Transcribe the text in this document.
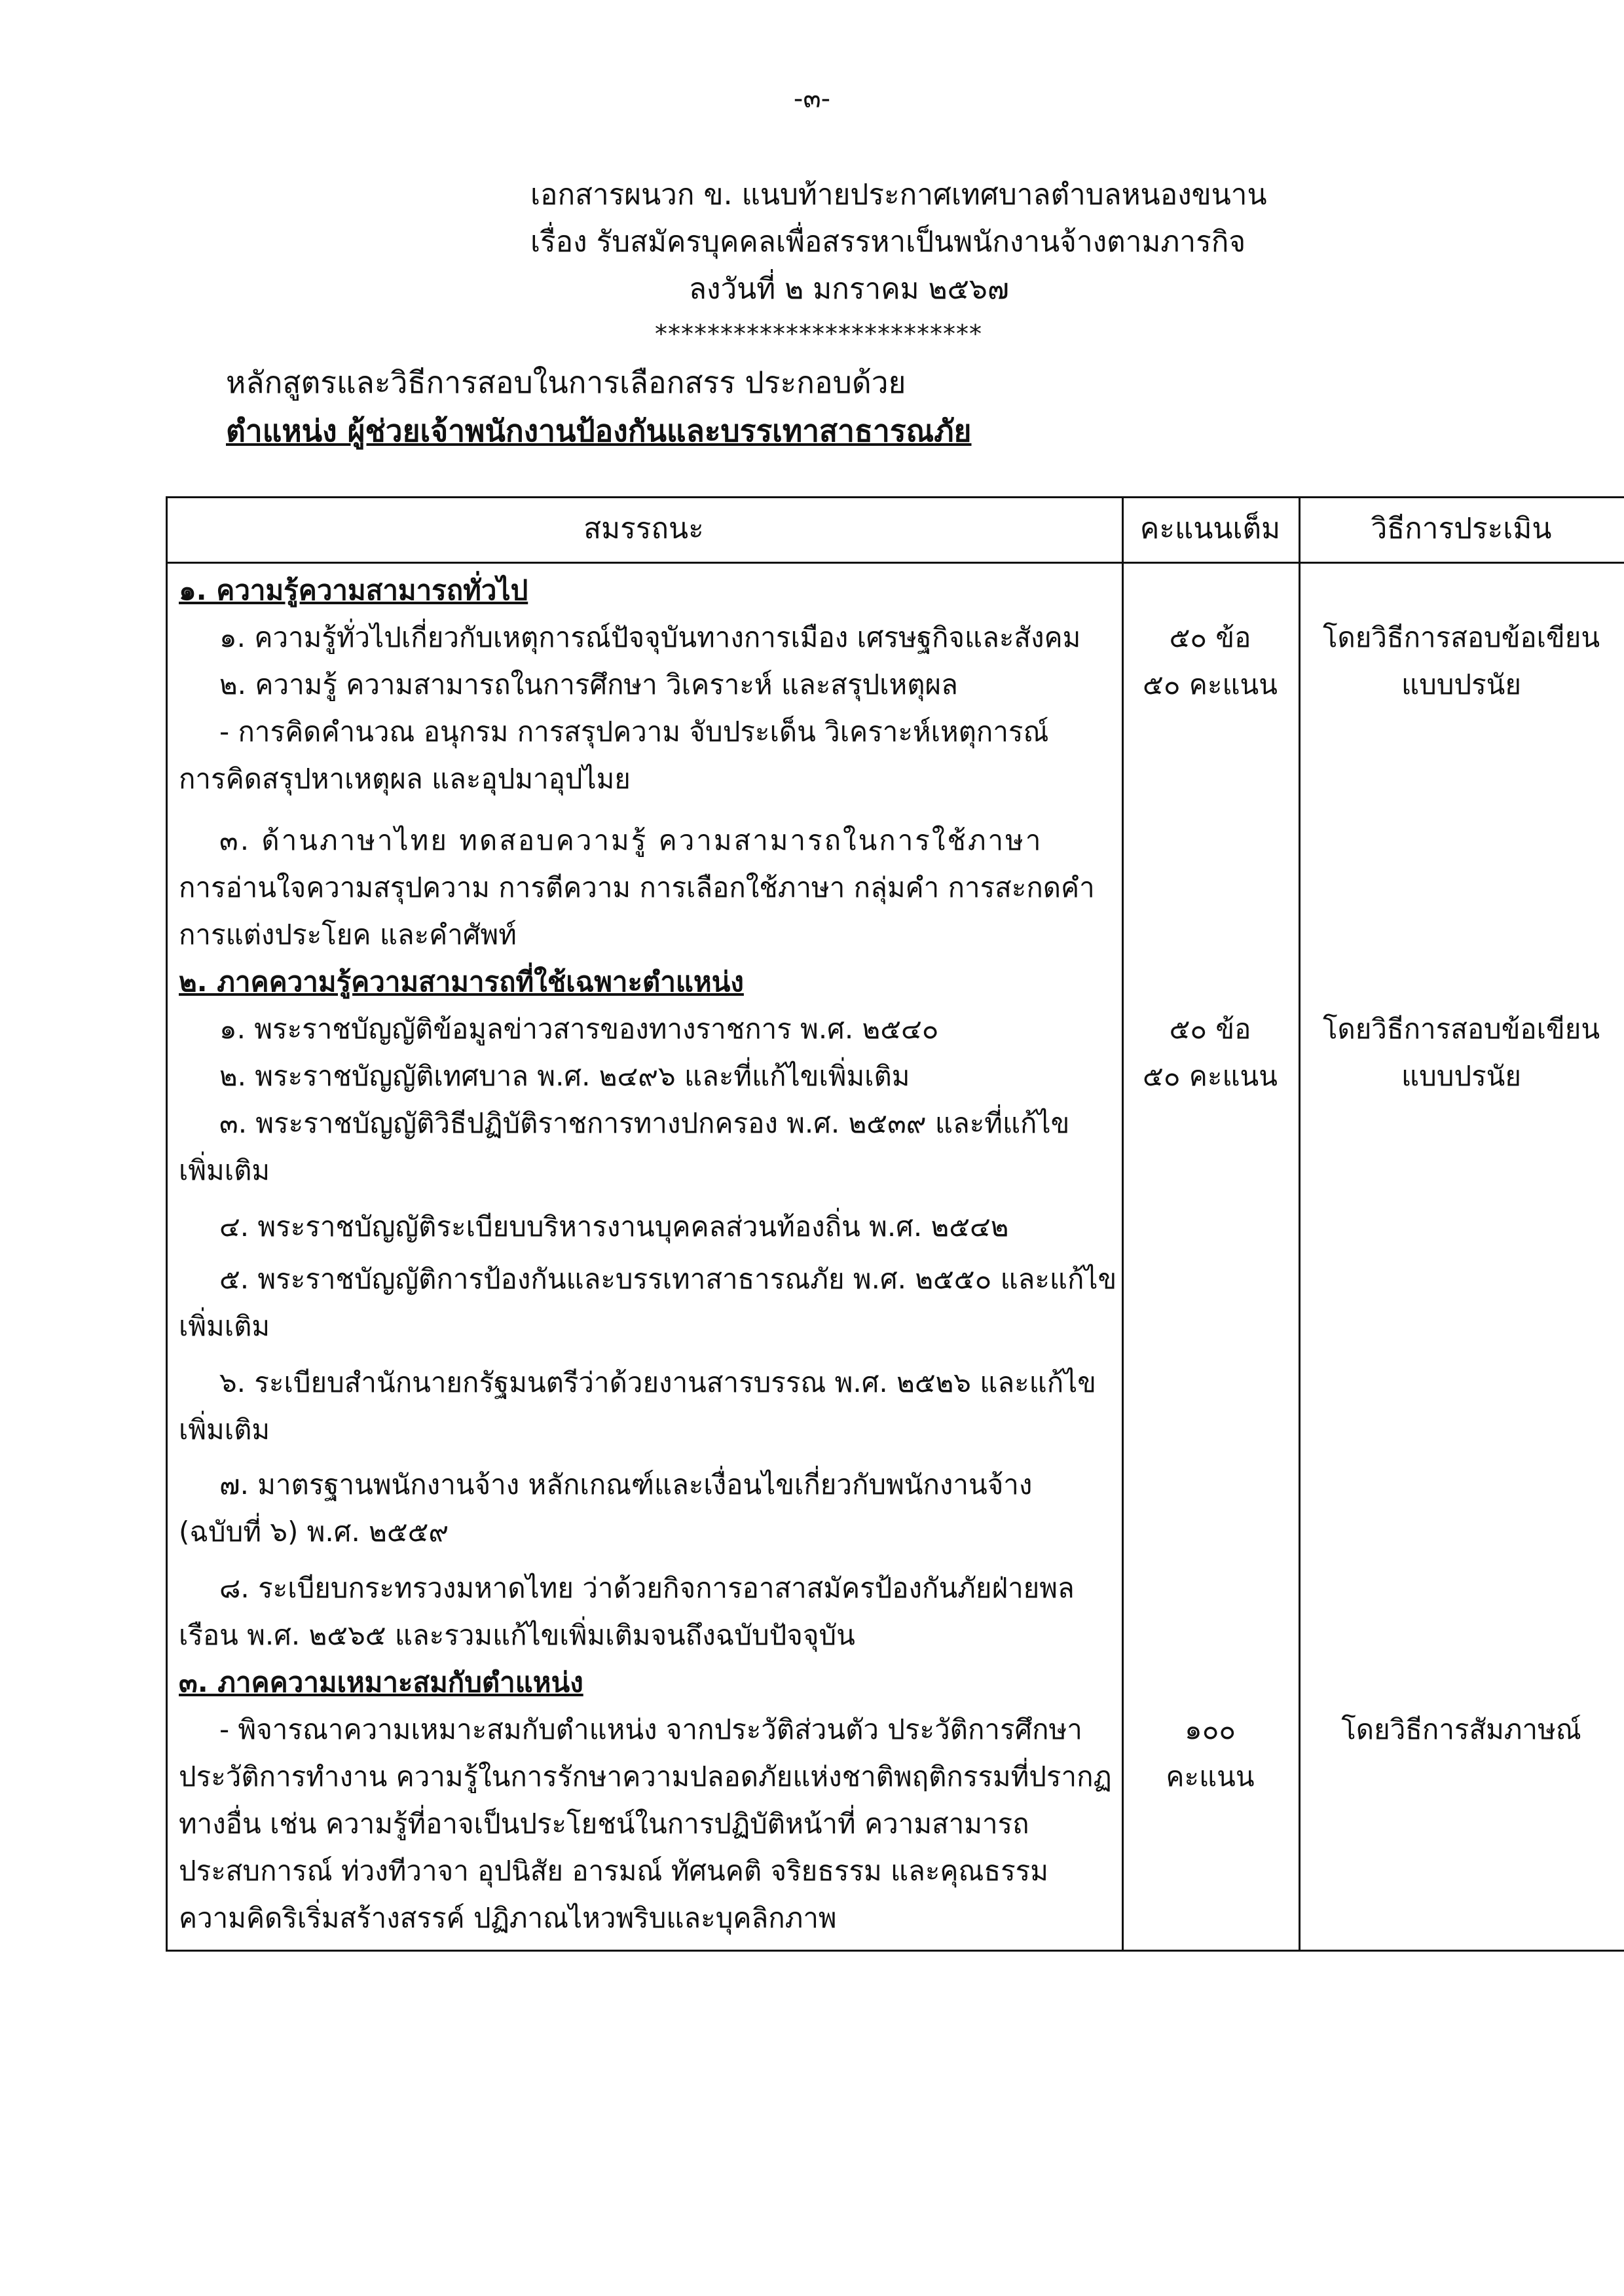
-๓-
เอกสารผนวก ข. แนบท้ายประกาศเทศบาลตำบลหนองขนาน
เรื่อง รับสมัครบุคคลเพื่อสรรหาเป็นพนักงานจ้างตามภารกิจ
ลงวันที่ ๒ มกราคม ๒๕๖๗
*************************
หลักสูตรและวิธีการสอบในการเลือกสรร ประกอบด้วย
ตำแหน่ง ผู้ช่วยเจ้าพนักงานป้องกันและบรรเทาสาธารณภัย
สมรรถนะ	คะแนนเต็ม	วิธีการประเมิน
๑. ความรู้ความสามารถทั่วไป
๑. ความรู้ทั่วไปเกี่ยวกับเหตุการณ์ปัจจุบันทางการเมือง เศรษฐกิจและสังคม
๒. ความรู้ ความสามารถในการศึกษา วิเคราะห์ และสรุปเหตุผล
- การคิดคำนวณ อนุกรม การสรุปความ จับประเด็น วิเคราะห์เหตุการณ์
การคิดสรุปหาเหตุผล และอุปมาอุปไมย
๓. ด้านภาษาไทย ทดสอบความรู้ ความสามารถในการใช้ภาษา
การอ่านใจความสรุปความ การตีความ การเลือกใช้ภาษา กลุ่มคำ การสะกดคำ
การแต่งประโยค และคำศัพท์
๕๐ ข้อ
๕๐ คะแนน
โดยวิธีการสอบข้อเขียน
แบบปรนัย
๒. ภาคความรู้ความสามารถที่ใช้เฉพาะตำแหน่ง
๑. พระราชบัญญัติข้อมูลข่าวสารของทางราชการ พ.ศ. ๒๕๔๐
๒. พระราชบัญญัติเทศบาล พ.ศ. ๒๔๙๖ และที่แก้ไขเพิ่มเติม
๓. พระราชบัญญัติวิธีปฏิบัติราชการทางปกครอง พ.ศ. ๒๕๓๙ และที่แก้ไข
เพิ่มเติม
๔. พระราชบัญญัติระเบียบบริหารงานบุคคลส่วนท้องถิ่น พ.ศ. ๒๕๔๒
๕. พระราชบัญญัติการป้องกันและบรรเทาสาธารณภัย พ.ศ. ๒๕๕๐ และแก้ไข
เพิ่มเติม
๖. ระเบียบสำนักนายกรัฐมนตรีว่าด้วยงานสารบรรณ พ.ศ. ๒๕๒๖ และแก้ไข
เพิ่มเติม
๗. มาตรฐานพนักงานจ้าง หลักเกณฑ์และเงื่อนไขเกี่ยวกับพนักงานจ้าง
(ฉบับที่ ๖) พ.ศ. ๒๕๕๙
๘. ระเบียบกระทรวงมหาดไทย ว่าด้วยกิจการอาสาสมัครป้องกันภัยฝ่ายพล
เรือน พ.ศ. ๒๕๖๕ และรวมแก้ไขเพิ่มเติมจนถึงฉบับปัจจุบัน
๕๐ ข้อ
๕๐ คะแนน
โดยวิธีการสอบข้อเขียน
แบบปรนัย
๓. ภาคความเหมาะสมกับตำแหน่ง
- พิจารณาความเหมาะสมกับตำแหน่ง จากประวัติส่วนตัว ประวัติการศึกษา
ประวัติการทำงาน ความรู้ในการรักษาความปลอดภัยแห่งชาติพฤติกรรมที่ปรากฏ
ทางอื่น เช่น ความรู้ที่อาจเป็นประโยชน์ในการปฏิบัติหน้าที่ ความสามารถ
ประสบการณ์ ท่วงทีวาจา อุปนิสัย อารมณ์ ทัศนคติ จริยธรรม และคุณธรรม
ความคิดริเริ่มสร้างสรรค์ ปฏิภาณไหวพริบและบุคลิกภาพ
๑๐๐
คะแนน
โดยวิธีการสัมภาษณ์
